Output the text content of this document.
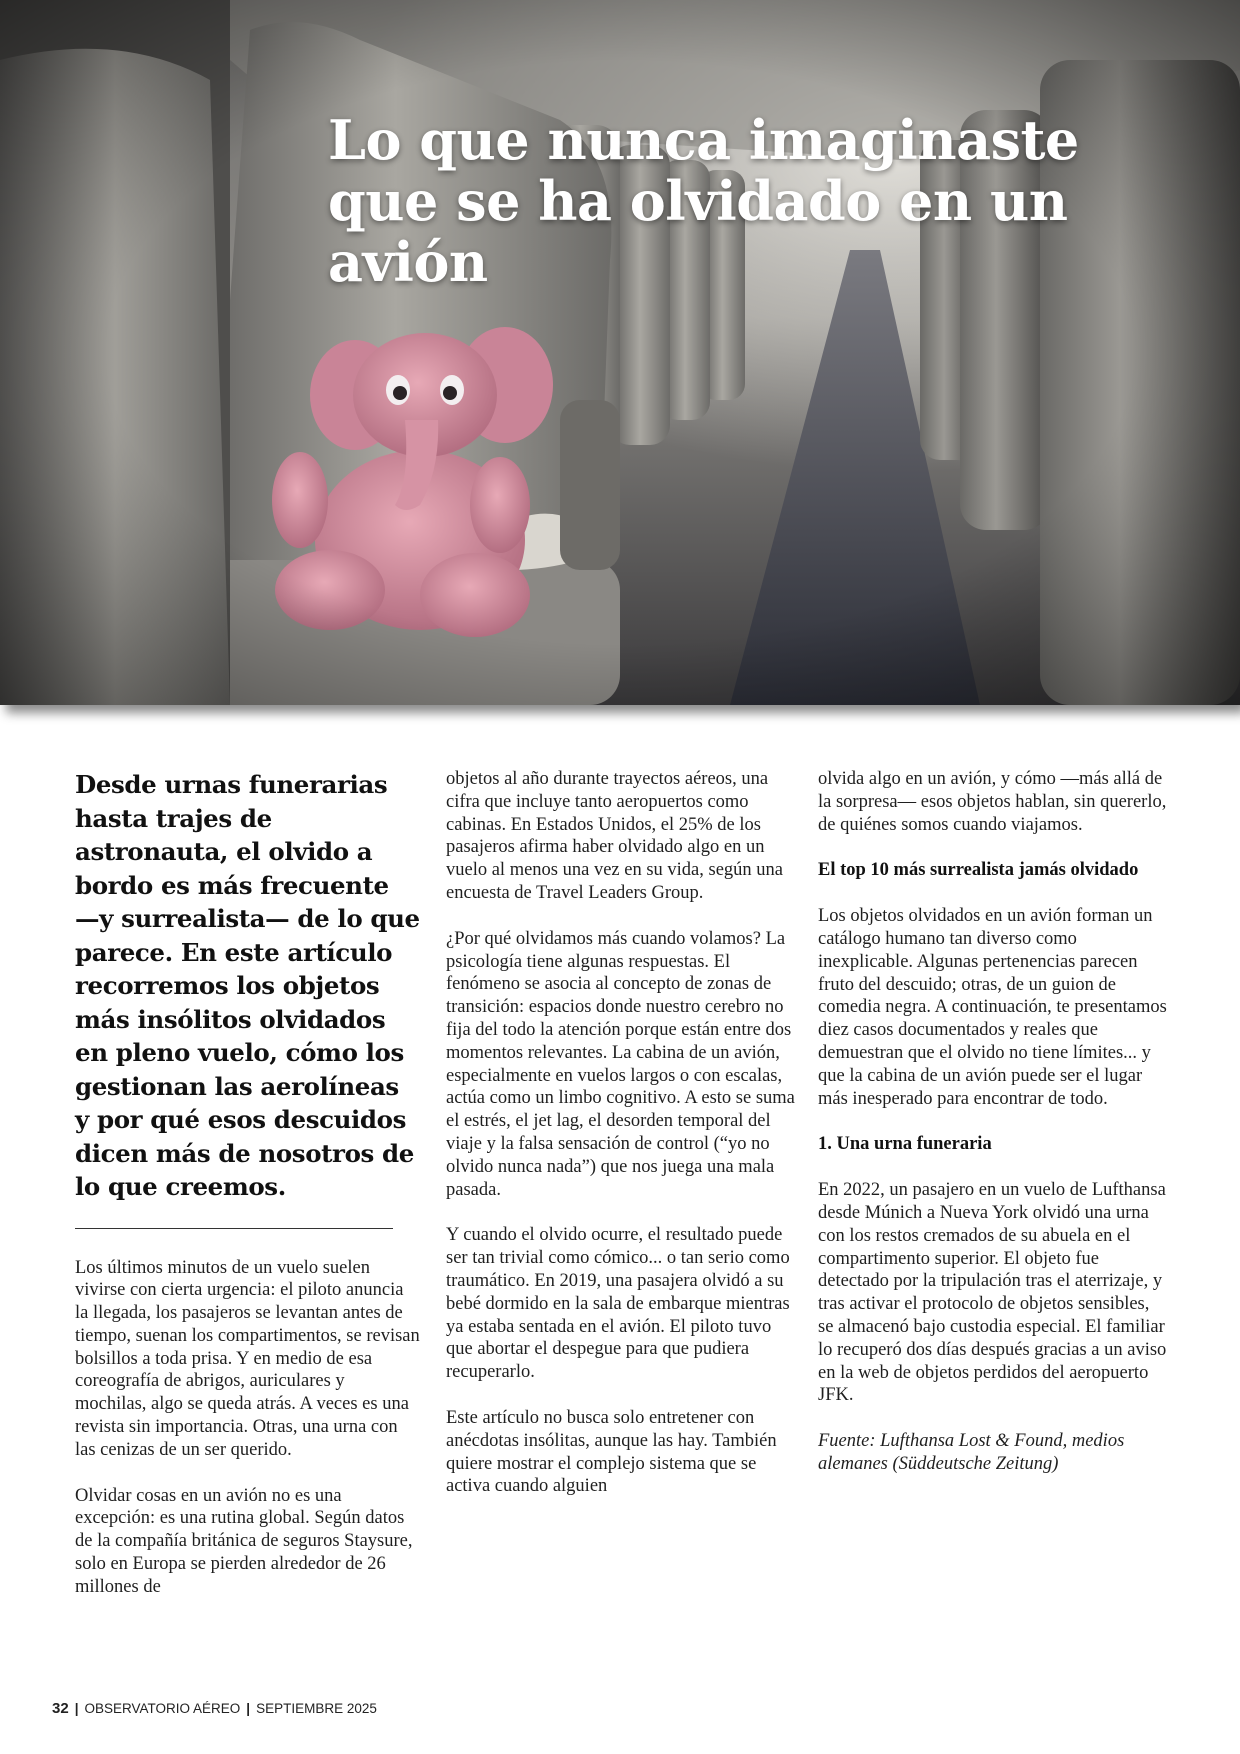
Lo que nunca imaginaste que se ha olvidado en un avión

Desde urnas funerarias hasta trajes de astronauta, el olvido a bordo es más frecuente —y surrealista— de lo que parece. En este artículo recorremos los objetos más insólitos olvidados en pleno vuelo, cómo los gestionan las aerolíneas y por qué esos descuidos dicen más de nosotros de lo que creemos.

Los últimos minutos de un vuelo suelen vivirse con cierta urgencia: el piloto anuncia la llegada, los pasajeros se levantan antes de tiempo, suenan los compartimentos, se revisan bolsillos a toda prisa. Y en medio de esa coreografía de abrigos, auriculares y mochilas, algo se queda atrás. A veces es una revista sin importancia. Otras, una urna con las cenizas de un ser querido.

Olvidar cosas en un avión no es una excepción: es una rutina global. Según datos de la compañía británica de seguros Staysure, solo en Europa se pierden alrededor de 26 millones de

objetos al año durante trayectos aéreos, una cifra que incluye tanto aeropuertos como cabinas. En Estados Unidos, el 25% de los pasajeros afirma haber olvidado algo en un vuelo al menos una vez en su vida, según una encuesta de Travel Leaders Group.

¿Por qué olvidamos más cuando volamos? La psicología tiene algunas respuestas. El fenómeno se asocia al concepto de zonas de transición: espacios donde nuestro cerebro no fija del todo la atención porque están entre dos momentos relevantes. La cabina de un avión, especialmente en vuelos largos o con escalas, actúa como un limbo cognitivo. A esto se suma el estrés, el jet lag, el desorden temporal del viaje y la falsa sensación de control (“yo no olvido nunca nada”) que nos juega una mala pasada.

Y cuando el olvido ocurre, el resultado puede ser tan trivial como cómico... o tan serio como traumático. En 2019, una pasajera olvidó a su bebé dormido en la sala de embarque mientras ya estaba sentada en el avión. El piloto tuvo que abortar el despegue para que pudiera recuperarlo.

Este artículo no busca solo entretener con anécdotas insólitas, aunque las hay. También quiere mostrar el complejo sistema que se activa cuando alguien

olvida algo en un avión, y cómo —más allá de la sorpresa— esos objetos hablan, sin quererlo, de quiénes somos cuando viajamos.

El top 10 más surrealista jamás olvidado

Los objetos olvidados en un avión forman un catálogo humano tan diverso como inexplicable. Algunas pertenencias parecen fruto del descuido; otras, de un guion de comedia negra. A continuación, te presentamos diez casos documentados y reales que demuestran que el olvido no tiene límites... y que la cabina de un avión puede ser el lugar más inesperado para encontrar de todo.

1. Una urna funeraria

En 2022, un pasajero en un vuelo de Lufthansa desde Múnich a Nueva York olvidó una urna con los restos cremados de su abuela en el compartimento superior. El objeto fue detectado por la tripulación tras el aterrizaje, y tras activar el protocolo de objetos sensibles, se almacenó bajo custodia especial. El familiar lo recuperó dos días después gracias a un aviso en la web de objetos perdidos del aeropuerto JFK.

Fuente: Lufthansa Lost & Found, medios alemanes (Süddeutsche Zeitung)

32 | OBSERVATORIO AÉREO | SEPTIEMBRE 2025
